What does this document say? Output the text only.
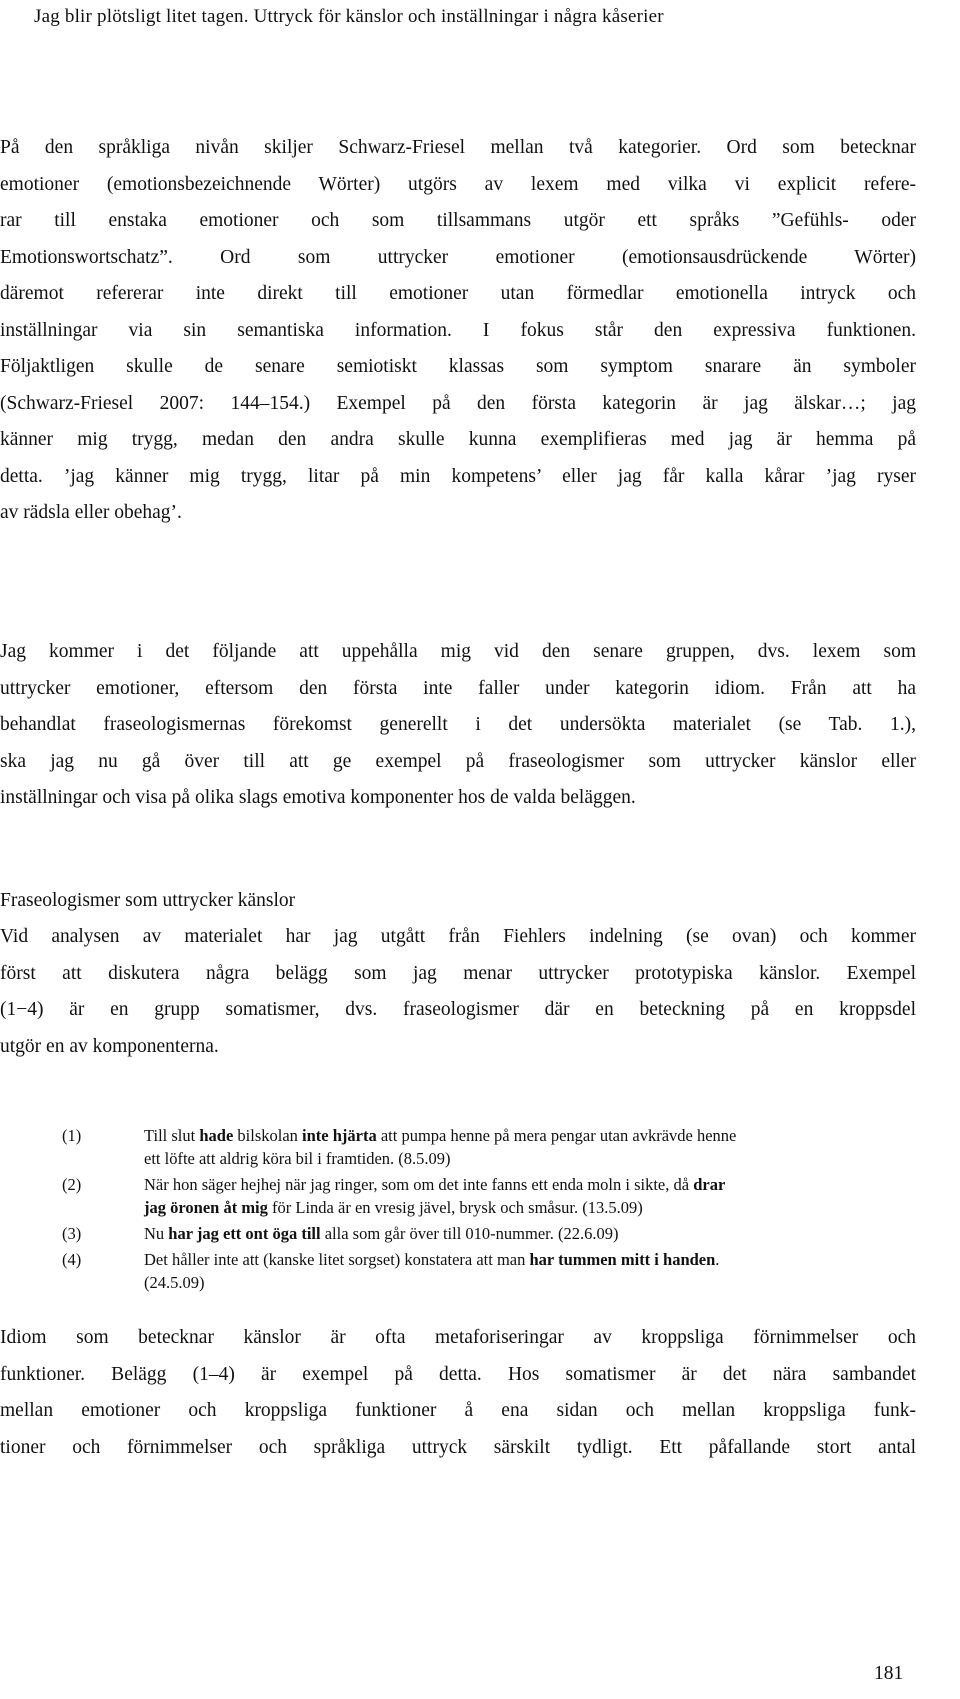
Jag blir plötsligt litet tagen. Uttryck för känslor och inställningar i några kåserier
På den språkliga nivån skiljer Schwarz-Friesel mellan två kategorier. Ord som betecknar
emotioner (emotionsbezeichnende Wörter) utgörs av lexem med vilka vi explicit refere-
rar till enstaka emotioner och som tillsammans utgör ett språks ”Gefühls- oder
Emotionswortschatz”. Ord som uttrycker emotioner (emotionsausdrückende Wörter)
däremot refererar inte direkt till emotioner utan förmedlar emotionella intryck och
inställningar via sin semantiska information. I fokus står den expressiva funktionen.
Följaktligen skulle de senare semiotiskt klassas som symptom snarare än symboler
(Schwarz-Friesel 2007: 144–154.) Exempel på den första kategorin är jag älskar…; jag
känner mig trygg, medan den andra skulle kunna exemplifieras med jag är hemma på
detta. ’jag känner mig trygg, litar på min kompetens’ eller jag får kalla kårar ’jag ryser
av rädsla eller obehag’.
Jag kommer i det följande att uppehålla mig vid den senare gruppen, dvs. lexem som
uttrycker emotioner, eftersom den första inte faller under kategorin idiom. Från att ha
behandlat fraseologismernas förekomst generellt i det undersökta materialet (se Tab. 1.),
ska jag nu gå över till att ge exempel på fraseologismer som uttrycker känslor eller
inställningar och visa på olika slags emotiva komponenter hos de valda beläggen.
Fraseologismer som uttrycker känslor
Vid analysen av materialet har jag utgått från Fiehlers indelning (se ovan) och kommer
först att diskutera några belägg som jag menar uttrycker prototypiska känslor. Exempel
(1−4) är en grupp somatismer, dvs. fraseologismer där en beteckning på en kroppsdel
utgör en av komponenterna.
(1)	Till slut hade bilskolan inte hjärta att pumpa henne på mera pengar utan avkrävde henne
ett löfte att aldrig köra bil i framtiden. (8.5.09)
(2)	När hon säger hejhej när jag ringer, som om det inte fanns ett enda moln i sikte, då drar
jag öronen åt mig för Linda är en vresig jävel, brysk och småsur. (13.5.09)
(3)	Nu har jag ett ont öga till alla som går över till 010-nummer. (22.6.09)
(4)	Det håller inte att (kanske litet sorgset) konstatera att man har tummen mitt i handen.
(24.5.09)
Idiom som betecknar känslor är ofta metaforiseringar av kroppsliga förnimmelser och
funktioner. Belägg (1–4) är exempel på detta. Hos somatismer är det nära sambandet
mellan emotioner och kroppsliga funktioner å ena sidan och mellan kroppsliga funk-
tioner och förnimmelser och språkliga uttryck särskilt tydligt. Ett påfallande stort antal
181
